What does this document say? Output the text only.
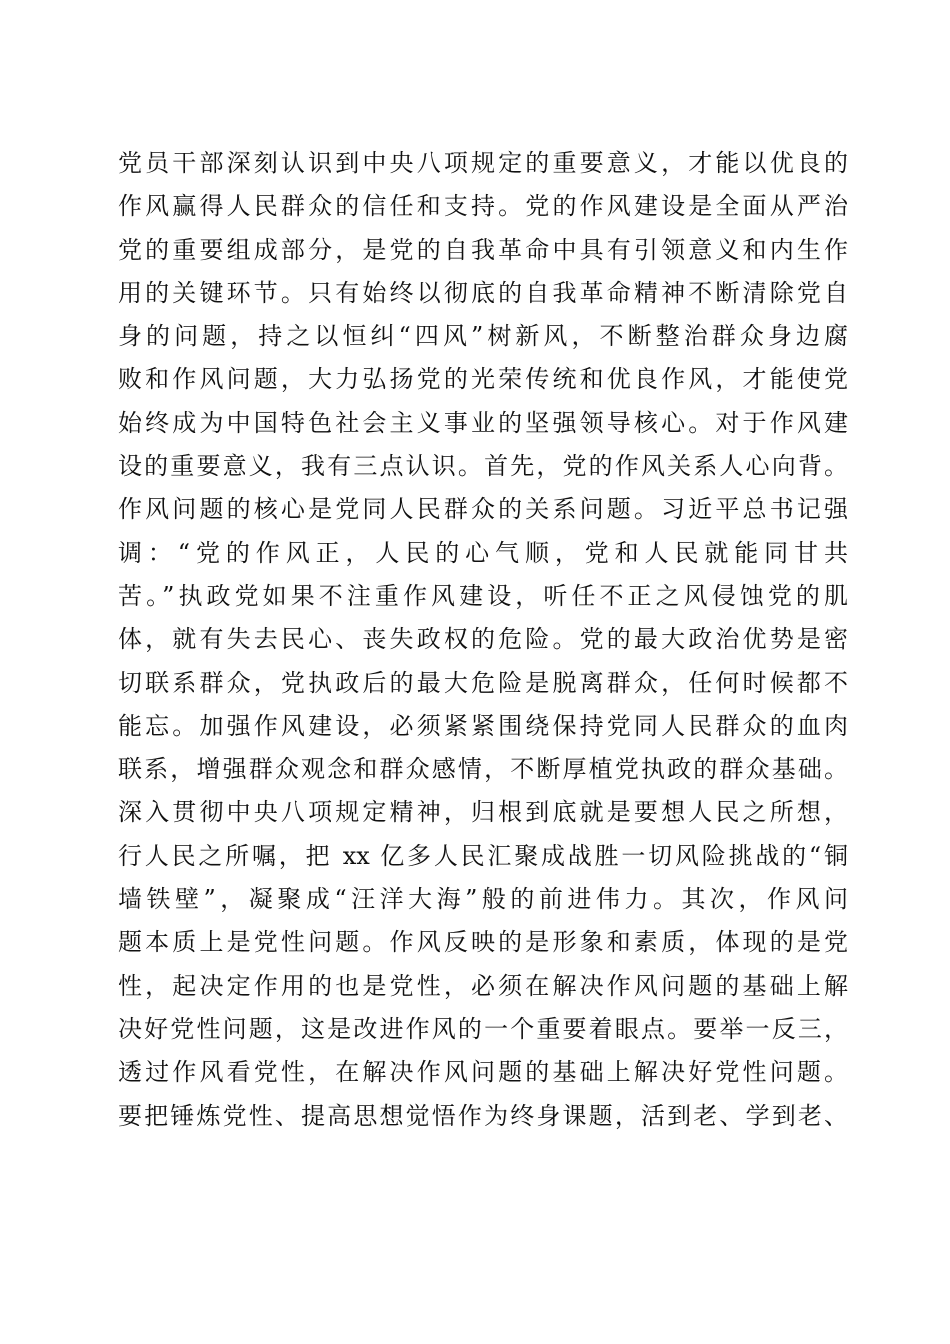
党员干部深刻认识到中央八项规定的重要意义，才能以优良的
作风赢得人民群众的信任和支持。党的作风建设是全面从严治
党的重要组成部分，是党的自我革命中具有引领意义和内生作
用的关键环节。只有始终以彻底的自我革命精神不断清除党自
身的问题，持之以恒纠“四风”树新风，不断整治群众身边腐
败和作风问题，大力弘扬党的光荣传统和优良作风，才能使党
始终成为中国特色社会主义事业的坚强领导核心。对于作风建
设的重要意义，我有三点认识。首先，党的作风关系人心向背。
作风问题的核心是党同人民群众的关系问题。习近平总书记强
调：“党的作风正，人民的心气顺，党和人民就能同甘共
苦。”执政党如果不注重作风建设，听任不正之风侵蚀党的肌
体，就有失去民心、丧失政权的危险。党的最大政治优势是密
切联系群众，党执政后的最大危险是脱离群众，任何时候都不
能忘。加强作风建设，必须紧紧围绕保持党同人民群众的血肉
联系，增强群众观念和群众感情，不断厚植党执政的群众基础。
深入贯彻中央八项规定精神，归根到底就是要想人民之所想，
行人民之所嘱，把 xx 亿多人民汇聚成战胜一切风险挑战的“铜
墙铁壁”，凝聚成“汪洋大海”般的前进伟力。其次，作风问
题本质上是党性问题。作风反映的是形象和素质，体现的是党
性，起决定作用的也是党性，必须在解决作风问题的基础上解
决好党性问题，这是改进作风的一个重要着眼点。要举一反三，
透过作风看党性，在解决作风问题的基础上解决好党性问题。
要把锤炼党性、提高思想觉悟作为终身课题，活到老、学到老、
